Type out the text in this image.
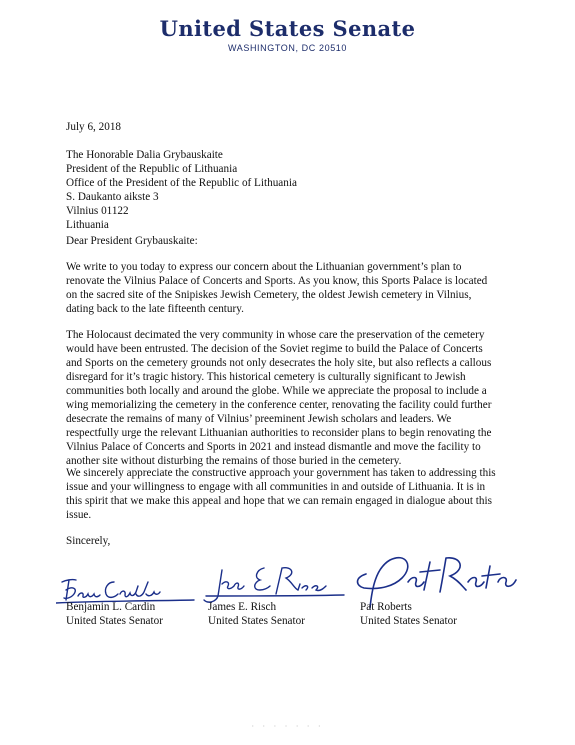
United States Senate
WASHINGTON, DC 20510
July 6, 2018
The Honorable Dalia Grybauskaite
President of the Republic of Lithuania
Office of the President of the Republic of Lithuania
S. Daukanto aikste 3
Vilnius 01122
Lithuania
Dear President Grybauskaite:
We write to you today to express our concern about the Lithuanian government’s plan to
renovate the Vilnius Palace of Concerts and Sports. As you know, this Sports Palace is located
on the sacred site of the Snipiskes Jewish Cemetery, the oldest Jewish cemetery in Vilnius,
dating back to the late fifteenth century.
The Holocaust decimated the very community in whose care the preservation of the cemetery
would have been entrusted. The decision of the Soviet regime to build the Palace of Concerts
and Sports on the cemetery grounds not only desecrates the holy site, but also reflects a callous
disregard for it’s tragic history. This historical cemetery is culturally significant to Jewish
communities both locally and around the globe. While we appreciate the proposal to include a
wing memorializing the cemetery in the conference center, renovating the facility could further
desecrate the remains of many of Vilnius’ preeminent Jewish scholars and leaders. We
respectfully urge the relevant Lithuanian authorities to reconsider plans to begin renovating the
Vilnius Palace of Concerts and Sports in 2021 and instead dismantle and move the facility to
another site without disturbing the remains of those buried in the cemetery.
We sincerely appreciate the constructive approach your government has taken to addressing this
issue and your willingness to engage with all communities in and outside of Lithuania. It is in
this spirit that we make this appeal and hope that we can remain engaged in dialogue about this
issue.
Sincerely,
Benjamin L. Cardin
United States Senator
James E. Risch
United States Senator
Pat Roberts
United States Senator
· · · · · · ·
